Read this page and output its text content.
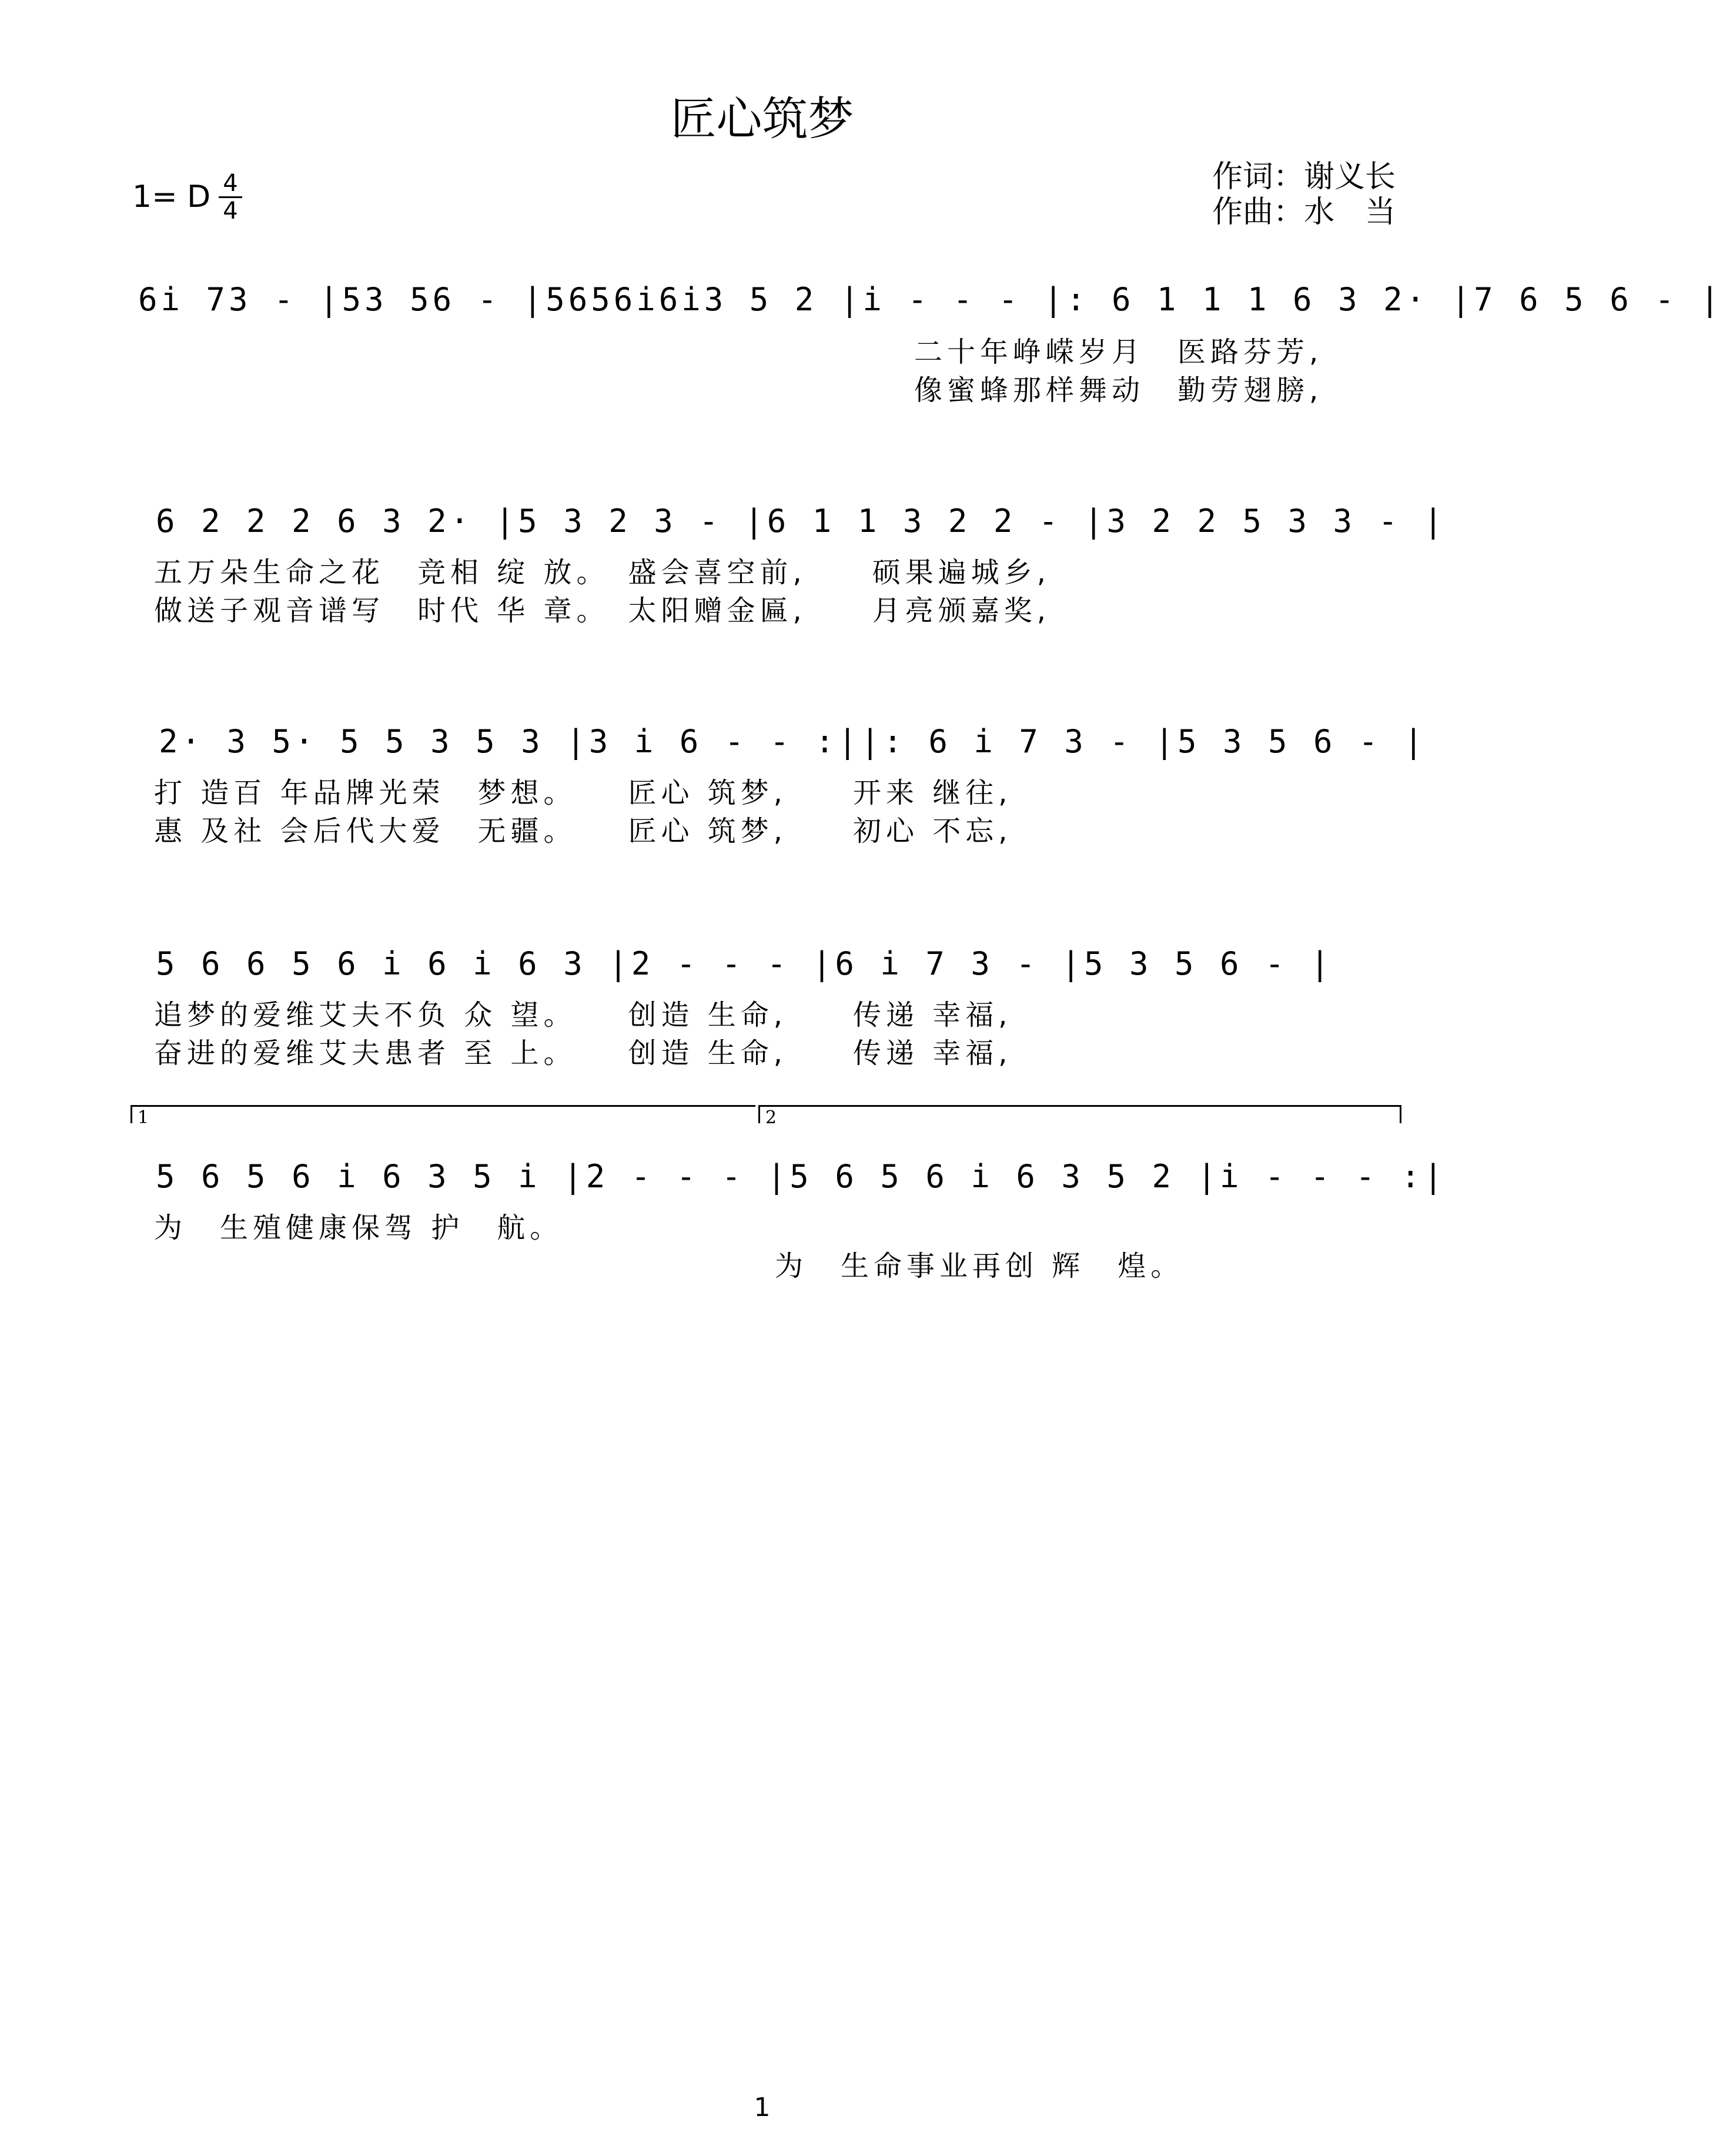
匠心筑梦
作词：谢义长
作曲：水　当
1= D 4
4
6i 73 - |53 56 - |5656i6i3 5 2 |i - - - |: 6 1 1 1 6 3 2· |7 6 5 6 - |
二十年峥嵘岁月　医路芬芳,
像蜜蜂那样舞动　勤劳翅膀,
6 2 2 2 6 3 2· |5 3 2 3 - |6 1 1 3 2 2 - |3 2 2 5 3 3 - |
五万朵生命之花　竞相 绽 放。　盛会喜空前,　　硕果遍城乡,
做送子观音谱写　时代 华 章。　太阳赠金匾,　　月亮颁嘉奖,
2· 3 5· 5 5 3 5 3 |3 i 6 - - :||: 6 i 7 3 - |5 3 5 6 - |
打 造百 年品牌光荣　梦想。　　匠心 筑梦,　　开来 继往,
惠 及社 会后代大爱　无疆。　　匠心 筑梦,　　初心 不忘,
5 6 6 5 6 i 6 i 6 3 |2 - - - |6 i 7 3 - |5 3 5 6 - |
追梦的爱维艾夫不负 众 望。　　创造 生命,　　传递 幸福,
奋进的爱维艾夫患者 至 上。　　创造 生命,　　传递 幸福,
1	2
5 6 5 6 i 6 3 5 i |2 - - - |5 6 5 6 i 6 3 5 2 |i - - - :|
为　生殖健康保驾 护　航。
为　生命事业再创 辉　煌。
1
